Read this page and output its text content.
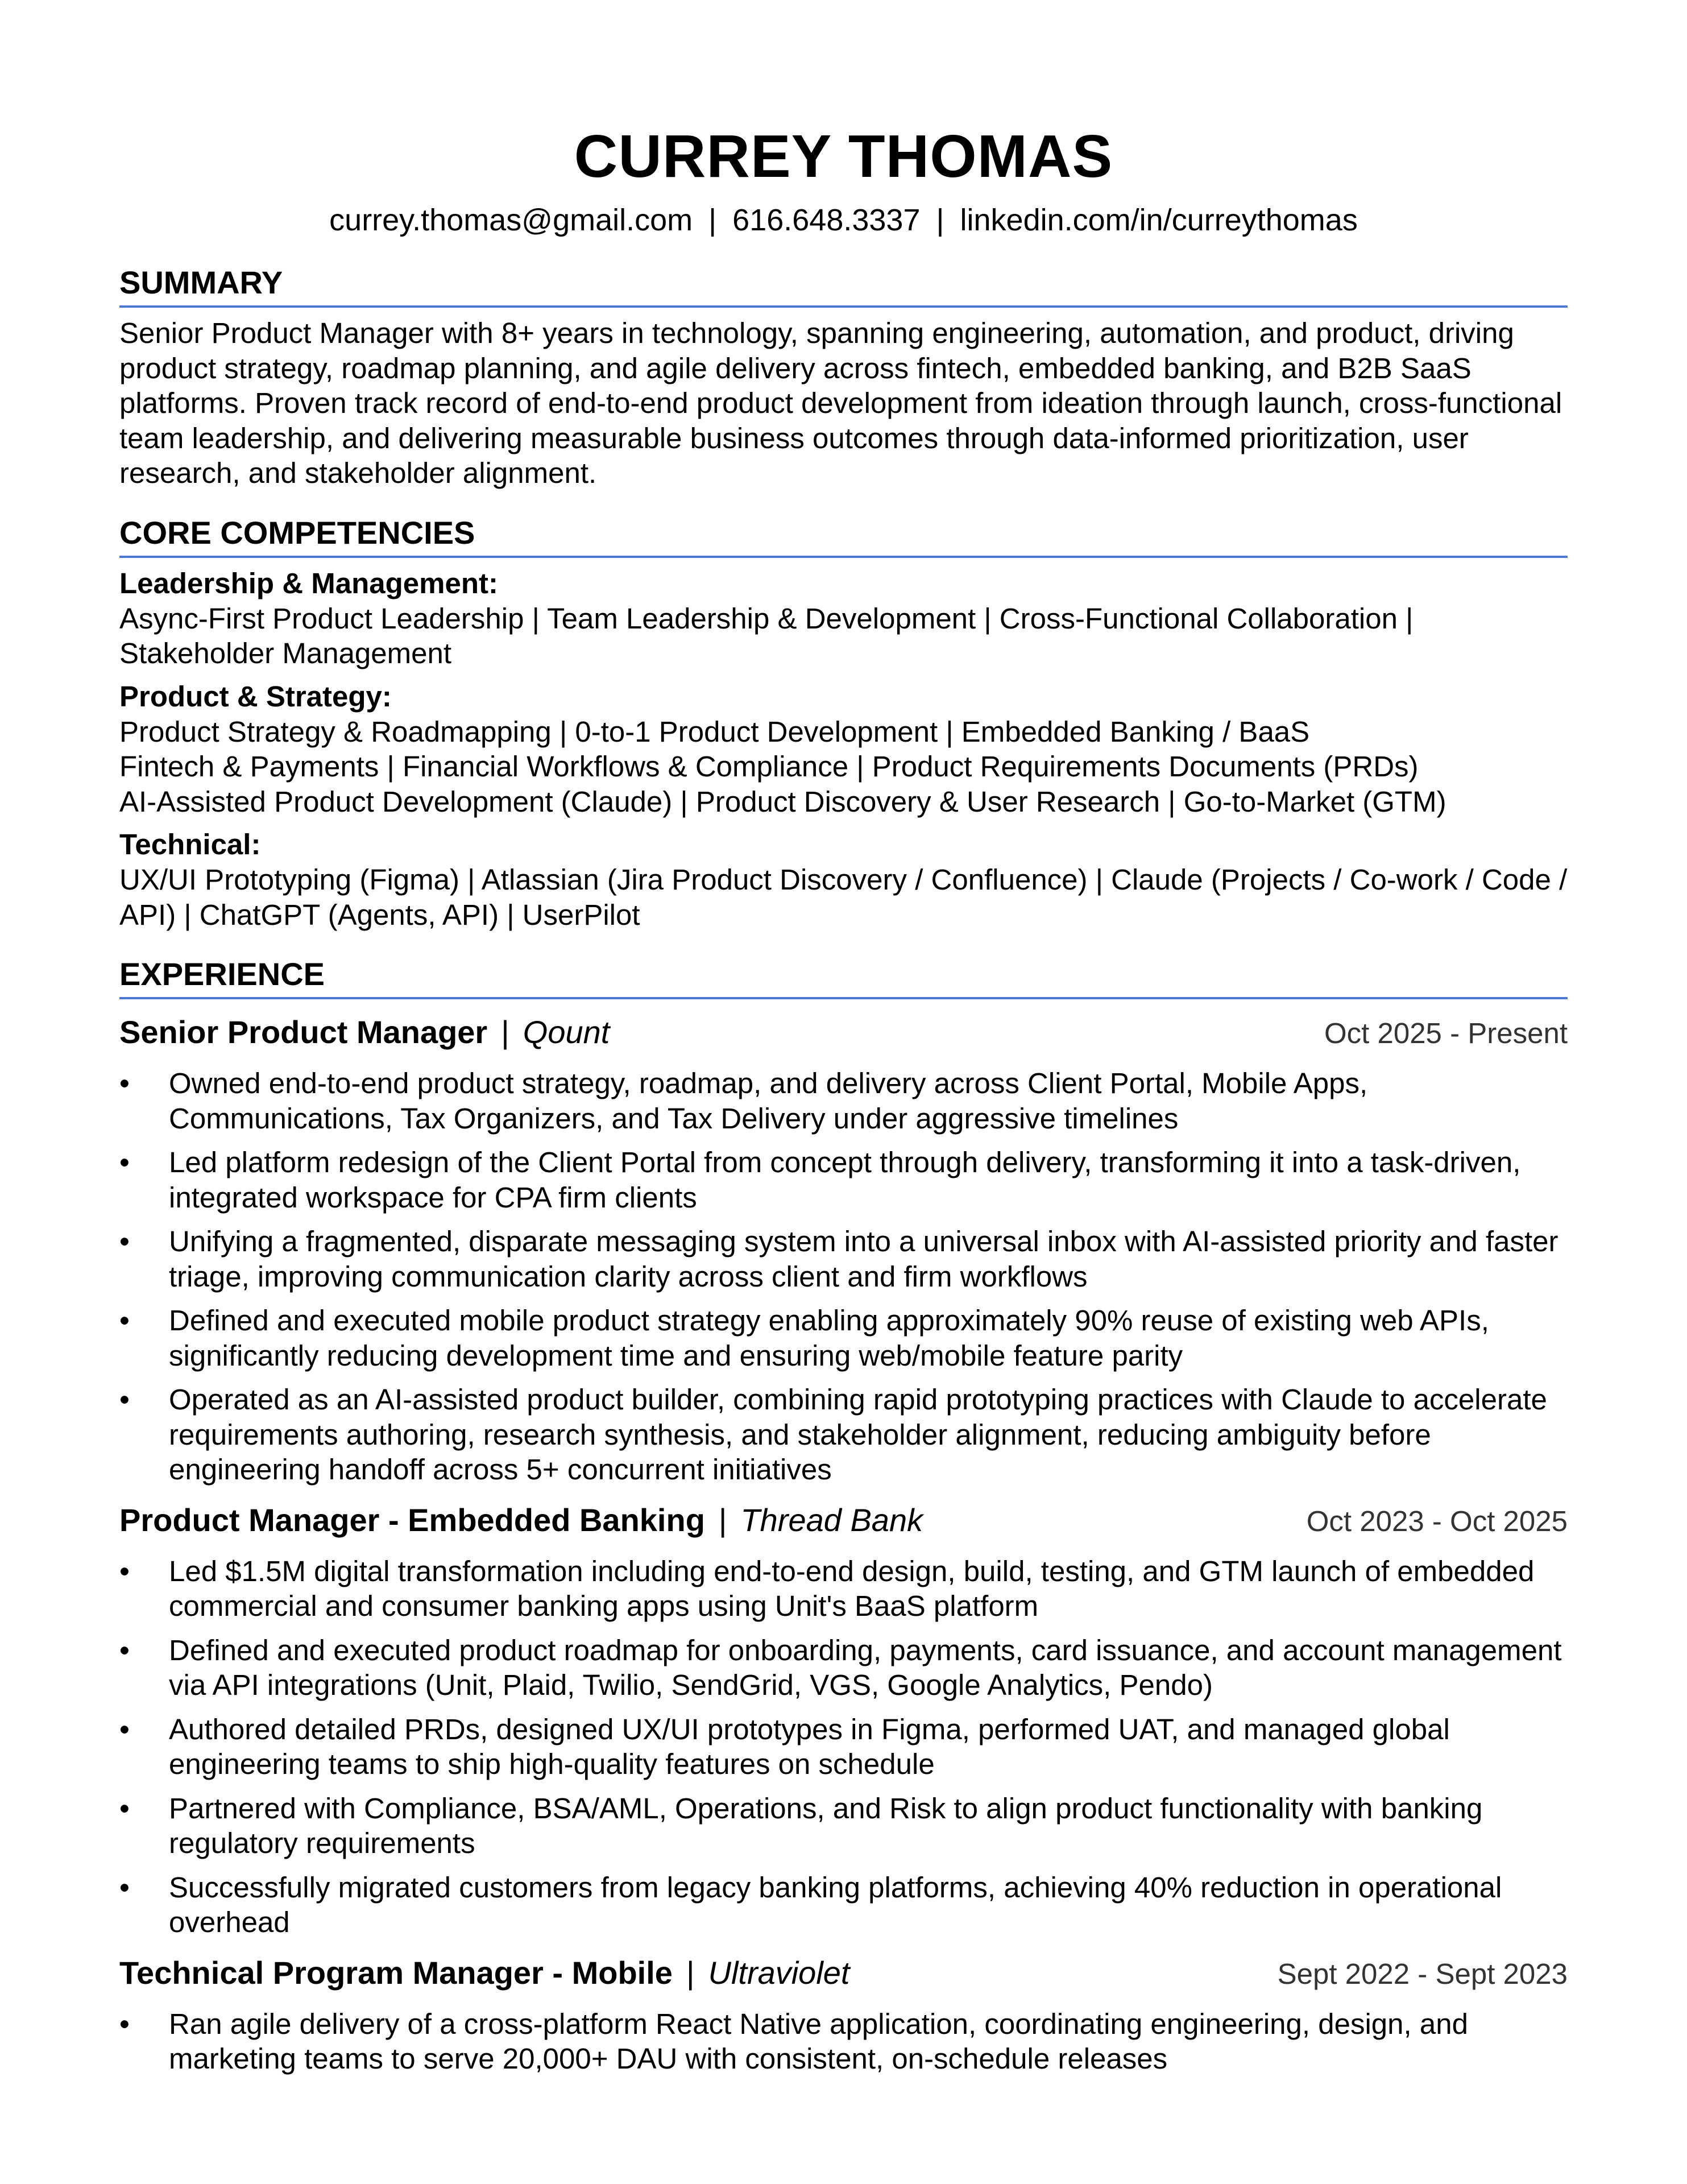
CURREY THOMAS
currey.thomas@gmail.com | 616.648.3337 | linkedin.com/in/curreythomas
SUMMARY
Senior Product Manager with 8+ years in technology, spanning engineering, automation, and product, driving product strategy, roadmap planning, and agile delivery across fintech, embedded banking, and B2B SaaS platforms. Proven track record of end-to-end product development from ideation through launch, cross-functional team leadership, and delivering measurable business outcomes through data-informed prioritization, user research, and stakeholder alignment.
CORE COMPETENCIES
Leadership & Management:
Async-First Product Leadership | Team Leadership & Development | Cross-Functional Collaboration | Stakeholder Management
Product & Strategy:
Product Strategy & Roadmapping | 0-to-1 Product Development | Embedded Banking / BaaS
Fintech & Payments | Financial Workflows & Compliance | Product Requirements Documents (PRDs)
AI-Assisted Product Development (Claude) | Product Discovery & User Research | Go-to-Market (GTM)
Technical:
UX/UI Prototyping (Figma) | Atlassian (Jira Product Discovery / Confluence) | Claude (Projects / Co-work / Code / API) | ChatGPT (Agents, API) | UserPilot
EXPERIENCE
Senior Product Manager | Qount	Oct 2025 - Present
• Owned end-to-end product strategy, roadmap, and delivery across Client Portal, Mobile Apps, Communications, Tax Organizers, and Tax Delivery under aggressive timelines
• Led platform redesign of the Client Portal from concept through delivery, transforming it into a task-driven, integrated workspace for CPA firm clients
• Unifying a fragmented, disparate messaging system into a universal inbox with AI-assisted priority and faster triage, improving communication clarity across client and firm workflows
• Defined and executed mobile product strategy enabling approximately 90% reuse of existing web APIs, significantly reducing development time and ensuring web/mobile feature parity
• Operated as an AI-assisted product builder, combining rapid prototyping practices with Claude to accelerate requirements authoring, research synthesis, and stakeholder alignment, reducing ambiguity before engineering handoff across 5+ concurrent initiatives
Product Manager - Embedded Banking | Thread Bank	Oct 2023 - Oct 2025
• Led $1.5M digital transformation including end-to-end design, build, testing, and GTM launch of embedded commercial and consumer banking apps using Unit's BaaS platform
• Defined and executed product roadmap for onboarding, payments, card issuance, and account management via API integrations (Unit, Plaid, Twilio, SendGrid, VGS, Google Analytics, Pendo)
• Authored detailed PRDs, designed UX/UI prototypes in Figma, performed UAT, and managed global engineering teams to ship high-quality features on schedule
• Partnered with Compliance, BSA/AML, Operations, and Risk to align product functionality with banking regulatory requirements
• Successfully migrated customers from legacy banking platforms, achieving 40% reduction in operational overhead
Technical Program Manager - Mobile | Ultraviolet	Sept 2022 - Sept 2023
• Ran agile delivery of a cross-platform React Native application, coordinating engineering, design, and marketing teams to serve 20,000+ DAU with consistent, on-schedule releases
